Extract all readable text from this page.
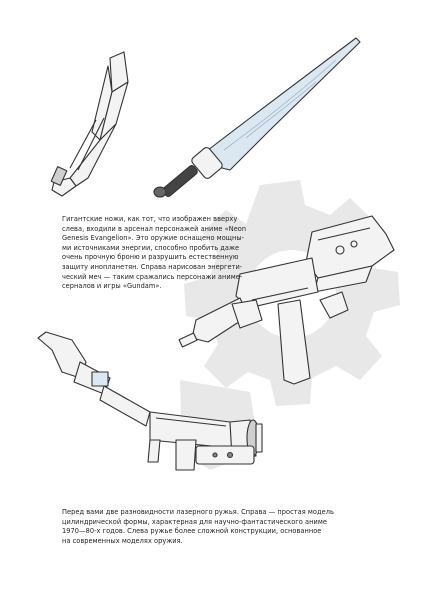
Гигантские ножи, как тот, что изображен вверху
слева, входили в арсенал персонажей аниме «Neon
Genesis Evangelion». Это оружие оснащено мощны-
ми источниками энергии, способно пробить даже
очень прочную броню и разрушить естественную
защиту инопланетян. Справа нарисован энергети-
ческий меч — таким сражались персонажи аниме-
серналов и игры «Gundam».
Перед вами две разновидности лазерного ружья. Справа — простая модель
цилиндрической формы, характерная для научно-фантастического аниме
1970—80-х годов. Слева ружье более сложной конструкции, основанное
на современных моделях оружия.
